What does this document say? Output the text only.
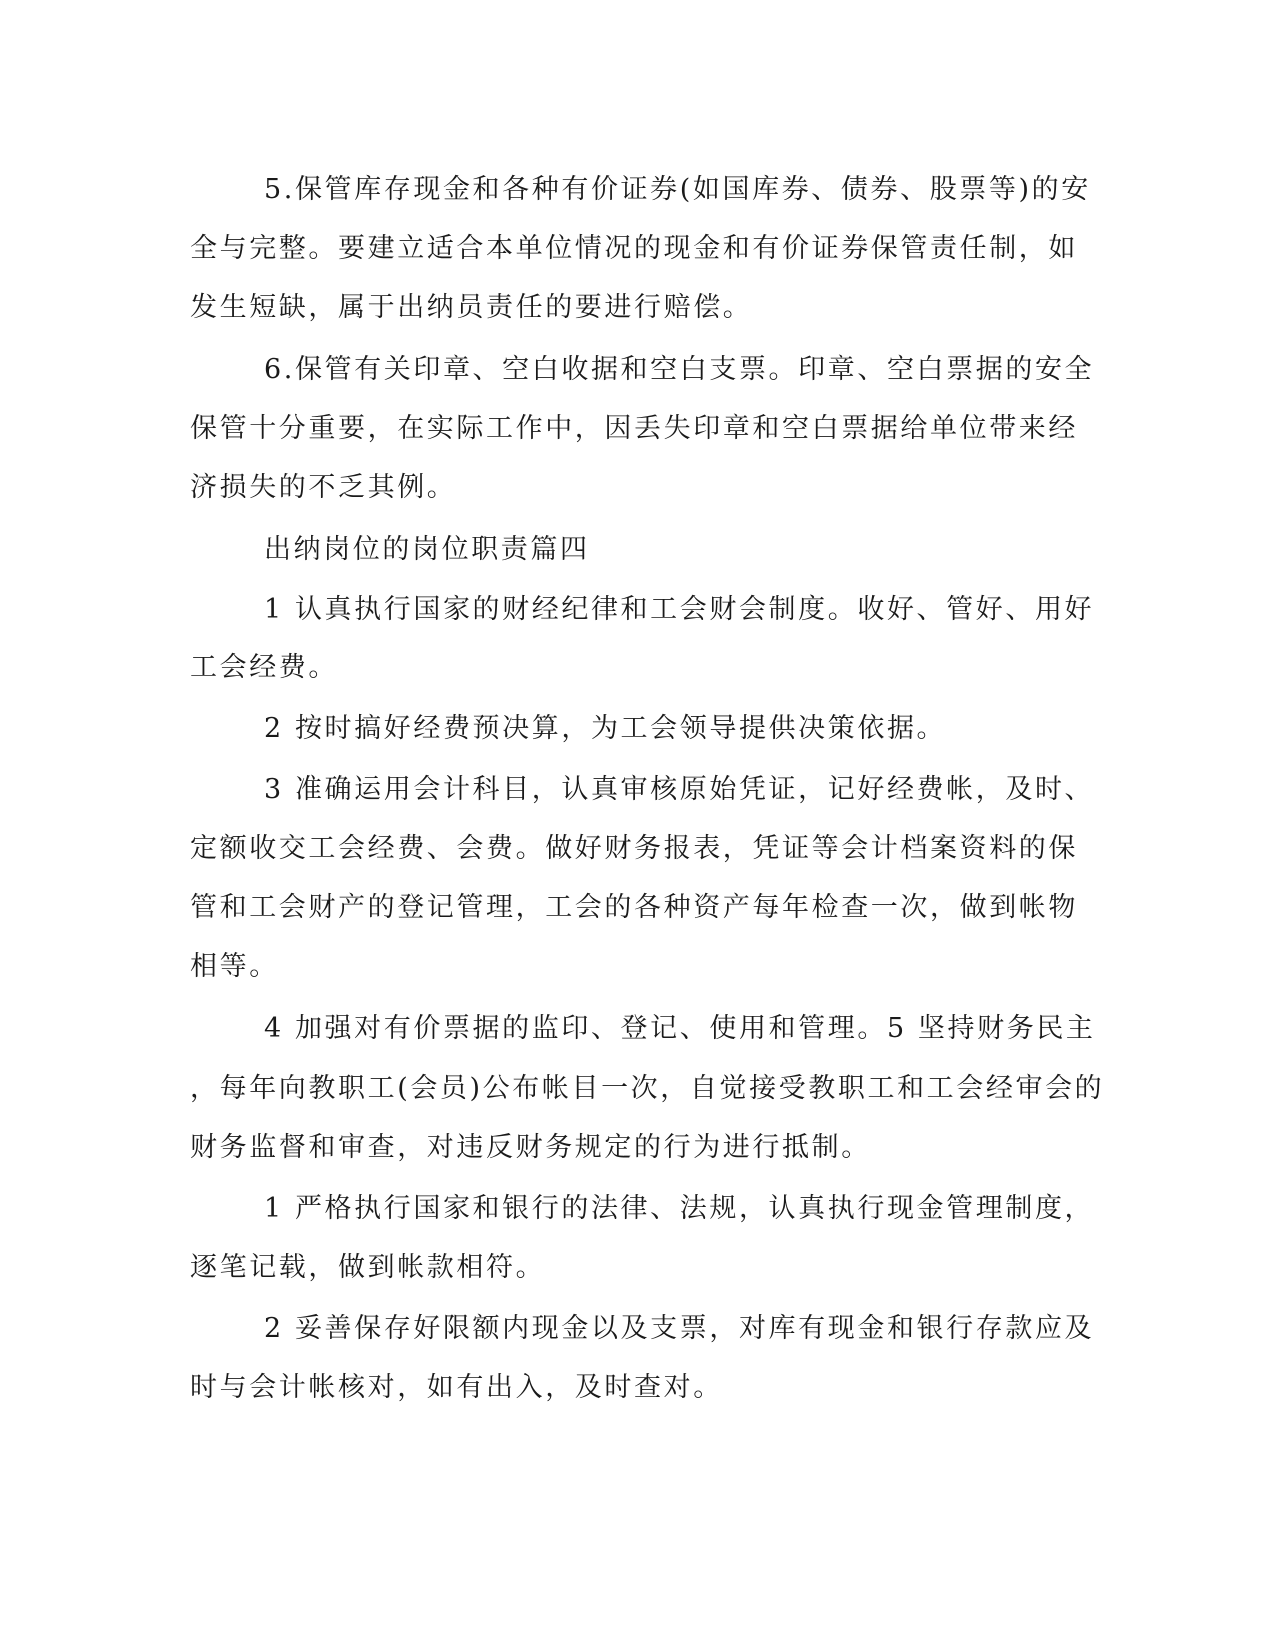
5.保管库存现金和各种有价证券(如国库券、债券、股票等)的安
全与完整。要建立适合本单位情况的现金和有价证券保管责任制，如
发生短缺，属于出纳员责任的要进行赔偿。
6.保管有关印章、空白收据和空白支票。印章、空白票据的安全
保管十分重要，在实际工作中，因丢失印章和空白票据给单位带来经
济损失的不乏其例。
出纳岗位的岗位职责篇四
1 认真执行国家的财经纪律和工会财会制度。收好、管好、用好
工会经费。
2 按时搞好经费预决算，为工会领导提供决策依据。
3 准确运用会计科目，认真审核原始凭证，记好经费帐，及时、
定额收交工会经费、会费。做好财务报表，凭证等会计档案资料的保
管和工会财产的登记管理，工会的各种资产每年检查一次，做到帐物
相等。
4 加强对有价票据的监印、登记、使用和管理。5 坚持财务民主
，每年向教职工(会员)公布帐目一次，自觉接受教职工和工会经审会的
财务监督和审查，对违反财务规定的行为进行抵制。
1 严格执行国家和银行的法律、法规，认真执行现金管理制度，
逐笔记载，做到帐款相符。
2 妥善保存好限额内现金以及支票，对库有现金和银行存款应及
时与会计帐核对，如有出入，及时查对。
